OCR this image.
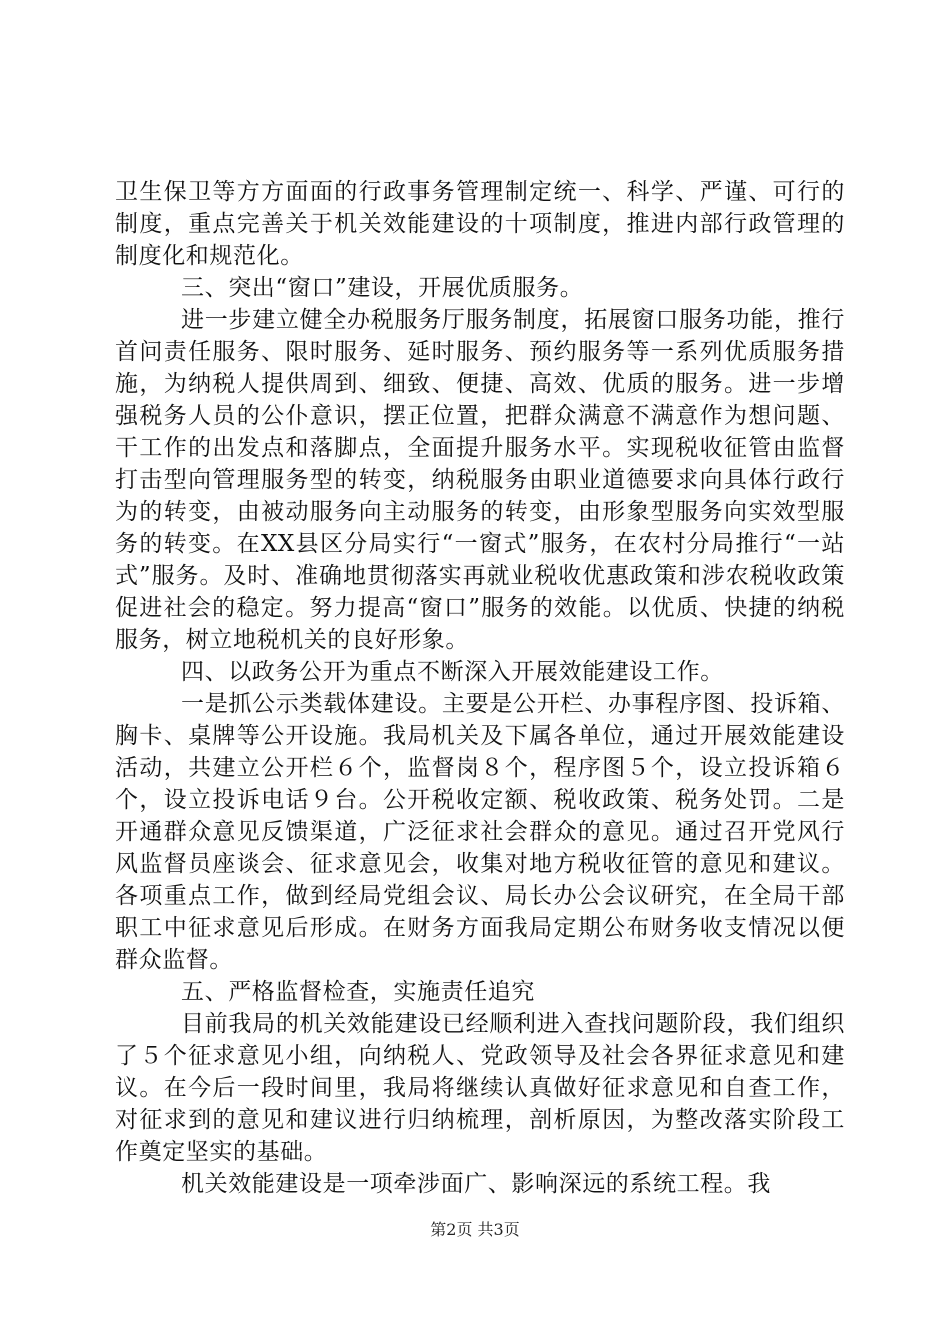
卫生保卫等方方面面的行政事务管理制定统一、科学、严谨、可行的制度，重点完善关于机关效能建设的十项制度，推进内部行政管理的制度化和规范化。

三、突出“窗口”建设，开展优质服务。

进一步建立健全办税服务厅服务制度，拓展窗口服务功能，推行首问责任服务、限时服务、延时服务、预约服务等一系列优质服务措施，为纳税人提供周到、细致、便捷、高效、优质的服务。进一步增强税务人员的公仆意识，摆正位置，把群众满意不满意作为想问题、干工作的出发点和落脚点，全面提升服务水平。实现税收征管由监督打击型向管理服务型的转变，纳税服务由职业道德要求向具体行政行为的转变，由被动服务向主动服务的转变，由形象型服务向实效型服务的转变。在XX县区分局实行“一窗式”服务，在农村分局推行“一站式”服务。及时、准确地贯彻落实再就业税收优惠政策和涉农税收政策促进社会的稳定。努力提高“窗口”服务的效能。以优质、快捷的纳税服务，树立地税机关的良好形象。

四、以政务公开为重点不断深入开展效能建设工作。

一是抓公示类载体建设。主要是公开栏、办事程序图、投诉箱、胸卡、桌牌等公开设施。我局机关及下属各单位，通过开展效能建设活动，共建立公开栏６个，监督岗８个，程序图５个，设立投诉箱６个，设立投诉电话９台。公开税收定额、税收政策、税务处罚。二是开通群众意见反馈渠道，广泛征求社会群众的意见。通过召开党风行风监督员座谈会、征求意见会，收集对地方税收征管的意见和建议。各项重点工作，做到经局党组会议、局长办公会议研究，在全局干部职工中征求意见后形成。在财务方面我局定期公布财务收支情况以便群众监督。

五、严格监督检查，实施责任追究

目前我局的机关效能建设已经顺利进入查找问题阶段，我们组织了５个征求意见小组，向纳税人、党政领导及社会各界征求意见和建议。在今后一段时间里，我局将继续认真做好征求意见和自查工作，对征求到的意见和建议进行归纳梳理，剖析原因，为整改落实阶段工作奠定坚实的基础。

机关效能建设是一项牵涉面广、影响深远的系统工程。我

第2页 共3页
